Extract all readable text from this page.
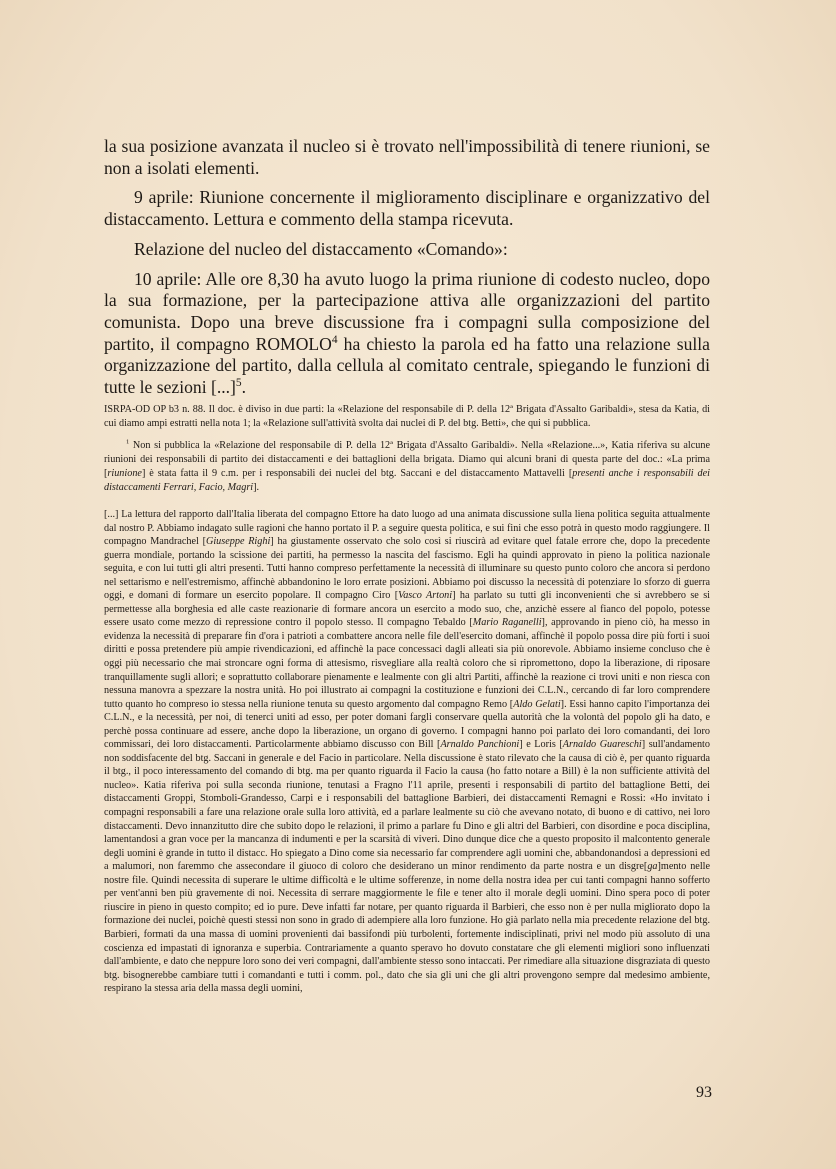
la sua posizione avanzata il nucleo si è trovato nell'impossibilità di tenere riunioni, se non a isolati elementi.

9 aprile: Riunione concernente il miglioramento disciplinare e organizzativo del distaccamento. Lettura e commento della stampa ricevuta.

Relazione del nucleo del distaccamento «Comando»:

10 aprile: Alle ore 8,30 ha avuto luogo la prima riunione di codesto nucleo, dopo la sua formazione, per la partecipazione attiva alle organizzazioni del partito comunista. Dopo una breve discussione fra i compagni sulla composizione del partito, il compagno ROMOLO$^4$ ha chiesto la parola ed ha fatto una relazione sulla organizzazione del partito, dalla cellula al comitato centrale, spiegando le funzioni di tutte le sezioni [...]$^5$.

ISRPA-OD OP b3 n. 88. Il doc. è diviso in due parti: la «Relazione del responsabile di P. della 12ª Brigata d'Assalto Garibaldi», stesa da Katia, di cui diamo ampi estratti nella nota 1; la «Relazione sull'attività svolta dai nuclei di P. del btg. Betti», che qui si pubblica.
$^1$ Non si pubblica la «Relazione del responsabile di P. della 12ª Brigata d'Assalto Garibaldi». Nella «Relazione...», Katia riferiva su alcune riunioni dei responsabili di partito dei distaccamenti e dei battaglioni della brigata. Diamo qui alcuni brani di questa parte del doc.: «La prima [riunione] è stata fatta il 9 c.m. per i responsabili dei nuclei del btg. Saccani e del distaccamento Mattavelli [presenti anche i responsabili dei distaccamenti Ferrari, Facio, Magri].

[...] La lettura del rapporto dall'Italia liberata del compagno Ettore ha dato luogo ad una animata discussione sulla liena politica seguita attualmente dal nostro P. Abbiamo indagato sulle ragioni che hanno portato il P. a seguire questa politica, e sui fini che esso potrà in questo modo raggiungere. Il compagno Mandrachel [Giuseppe Righi] ha giustamente osservato che solo così si riuscirà ad evitare quel fatale errore che, dopo la precedente guerra mondiale, portando la scissione dei partiti, ha permesso la nascita del fascismo. Egli ha quindi approvato in pieno la politica nazionale seguita, e con lui tutti gli altri presenti. Tutti hanno compreso perfettamente la necessità di illuminare su questo punto coloro che ancora si perdono nel settarismo e nell'estremismo, affinchè abbandonino le loro errate posizioni. Abbiamo poi discusso la necessità di potenziare lo sforzo di guerra oggi, e domani di formare un esercito popolare. Il compagno Ciro [Vasco Artoni] ha parlato su tutti gli inconvenienti che si avrebbero se si permettesse alla borghesia ed alle caste reazionarie di formare ancora un esercito a modo suo, che, anzichè essere al fianco del popolo, potesse essere usato come mezzo di repressione contro il popolo stesso. Il compagno Tebaldo [Mario Raganelli], approvando in pieno ciò, ha messo in evidenza la necessità di preparare fin d'ora i patrioti a combattere ancora nelle file dell'esercito domani, affinchè il popolo possa dire più forti i suoi diritti e possa pretendere più ampie rivendicazioni, ed affinchè la pace concessaci dagli alleati sia più onorevole. Abbiamo insieme concluso che è oggi più necessario che mai stroncare ogni forma di attesismo, risvegliare alla realtà coloro che si ripromettono, dopo la liberazione, di riposare tranquillamente sugli allori; e soprattutto collaborare pienamente e lealmente con gli altri Partiti, affinchè la reazione ci trovi uniti e non riesca con nessuna manovra a spezzare la nostra unità. Ho poi illustrato ai compagni la costituzione e funzioni dei C.L.N., cercando di far loro comprendere tutto quanto ho compreso io stessa nella riunione tenuta su questo argomento dal compagno Remo [Aldo Gelati]. Essi hanno capito l'importanza dei C.L.N., e la necessità, per noi, di tenerci uniti ad esso, per poter domani fargli conservare quella autorità che la volontà del popolo gli ha dato, e perchè possa continuare ad essere, anche dopo la liberazione, un organo di governo. I compagni hanno poi parlato dei loro comandanti, dei loro commissari, dei loro distaccamenti. Particolarmente abbiamo discusso con Bill [Arnaldo Panchioni] e Loris [Arnaldo Guareschi] sull'andamento non soddisfacente del btg. Saccani in generale e del Facio in particolare. Nella discussione è stato rilevato che la causa di ciò è, per quanto riguarda il btg., il poco interessamento del comando di btg. ma per quanto riguarda il Facio la causa (ho fatto notare a Bill) è la non sufficiente attività del nucleo». Katia riferiva poi sulla seconda riunione, tenutasi a Fragno l'11 aprile, presenti i responsabili di partito del battaglione Betti, dei distaccamenti Groppi, Stomboli-Grandesso, Carpi e i responsabili del battaglione Barbieri, dei distaccamenti Remagni e Rossi: «Ho invitato i compagni responsabili a fare una relazione orale sulla loro attività, ed a parlare lealmente su ciò che avevano notato, di buono e di cattivo, nei loro distaccamenti. Devo innanzitutto dire che subito dopo le relazioni, il primo a parlare fu Dino e gli altri del Barbieri, con disordine e poca disciplina, lamentandosi a gran voce per la mancanza di indumenti e per la scarsità di viveri. Dino dunque dice che a questo proposito il malcontento generale degli uomini è grande in tutto il distacc. Ho spiegato a Dino come sia necessario far comprendere agli uomini che, abbandonandosi a depressioni ed a malumori, non faremmo che assecondare il giuoco di coloro che desiderano un minor rendimento da parte nostra e un disgre[ga]mento nelle nostre file. Quindi necessita di superare le ultime difficoltà e le ultime sofferenze, in nome della nostra idea per cui tanti compagni hanno sofferto per vent'anni ben più gravemente di noi. Necessita di serrare maggiormente le file e tener alto il morale degli uomini. Dino spera poco di poter riuscire in pieno in questo compito; ed io pure. Deve infatti far notare, per quanto riguarda il Barbieri, che esso non è per nulla migliorato dopo la formazione dei nuclei, poichè questi stessi non sono in grado di adempiere alla loro funzione. Ho già parlato nella mia precedente relazione del btg. Barbieri, formati da una massa di uomini provenienti dai bassifondi più turbolenti, fortemente indisciplinati, privi nel modo più assoluto di una coscienza ed impastati di ignoranza e superbia. Contrariamente a quanto speravo ho dovuto constatare che gli elementi migliori sono influenzati dall'ambiente, e dato che neppure loro sono dei veri compagni, dall'ambiente stesso sono intaccati. Per rimediare alla situazione disgraziata di questo btg. bisognerebbe cambiare tutti i comandanti e tutti i comm. pol., dato che sia gli uni che gli altri provengono sempre dal medesimo ambiente, respirano la stessa aria della massa degli uomini,

93
